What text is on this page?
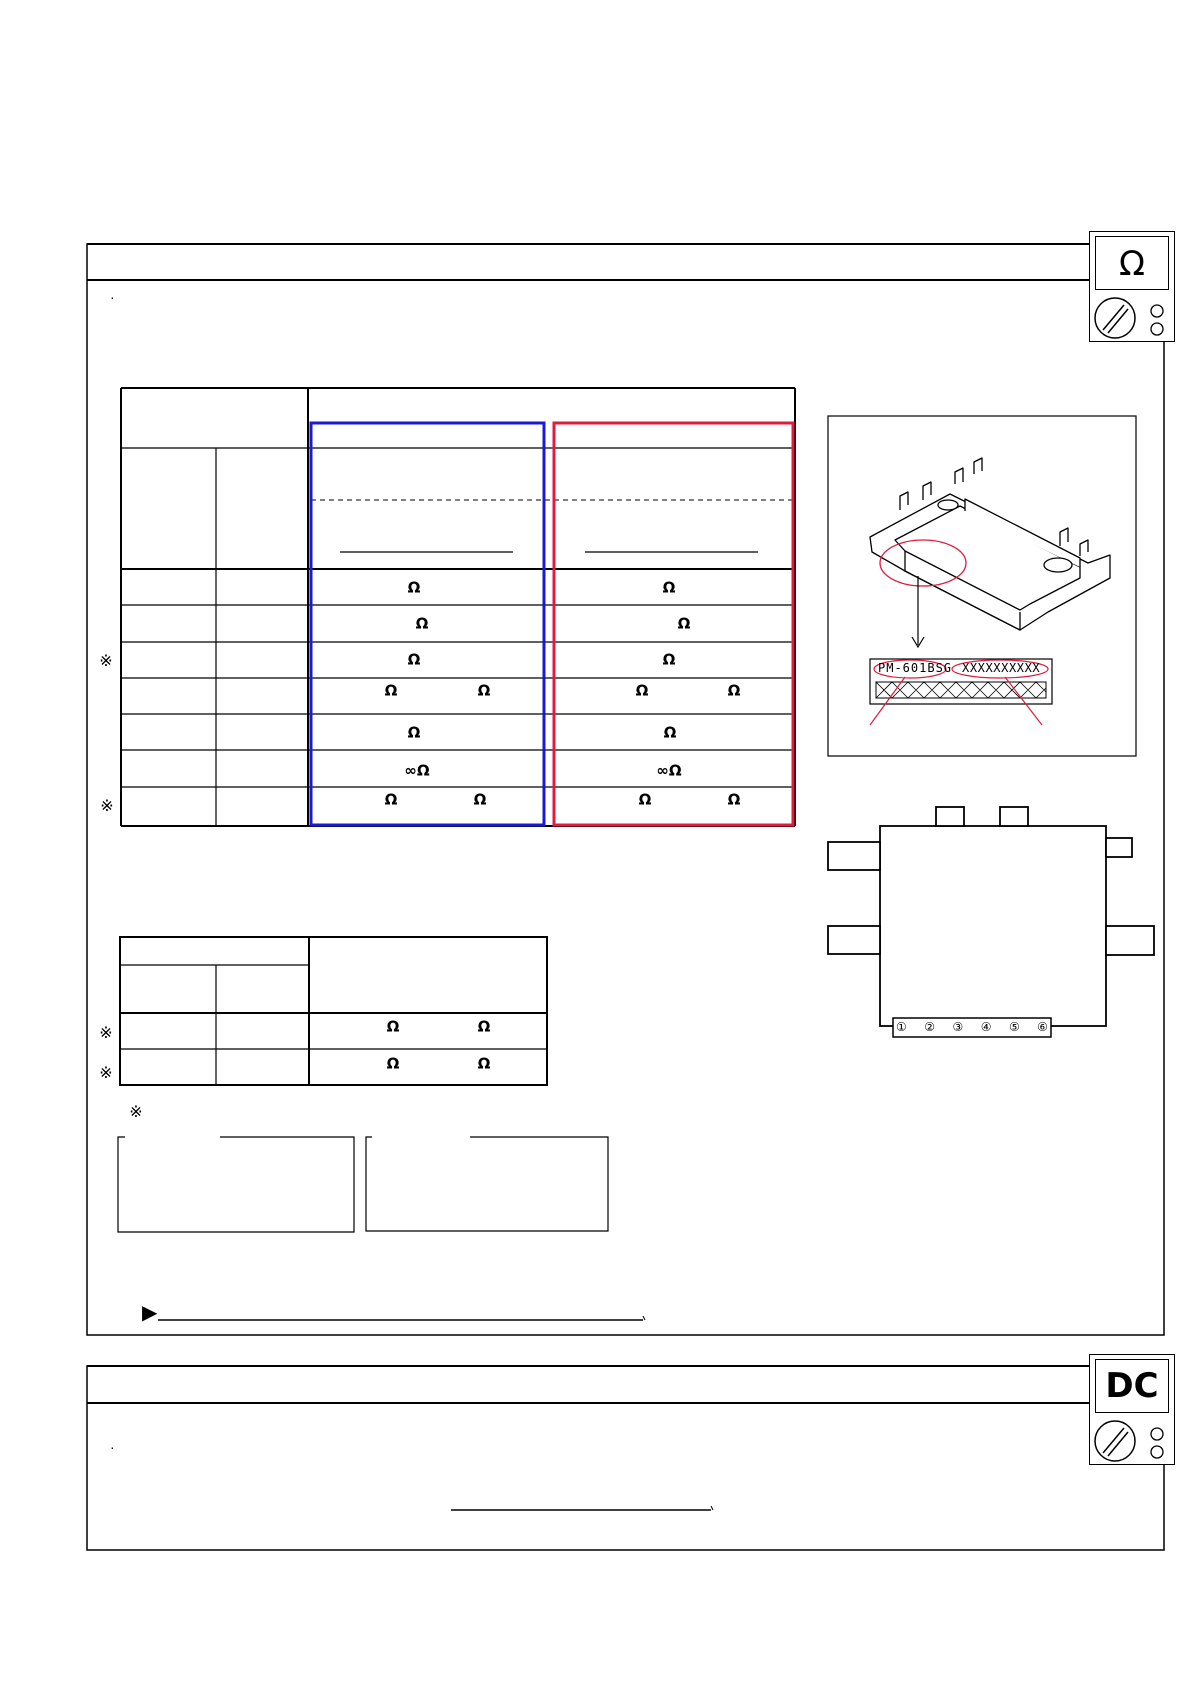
Ω
·
Ω	Ω
Ω	Ω
※	Ω	Ω
Ω	Ω	Ω	Ω
Ω	Ω
∞Ω	∞Ω
※	Ω	Ω	Ω	Ω
※	Ω	Ω
※	Ω	Ω
※
▶
PM-601BSG XXXXXXXXXX
① ② ③ ④ ⑤ ⑥
DC
·
